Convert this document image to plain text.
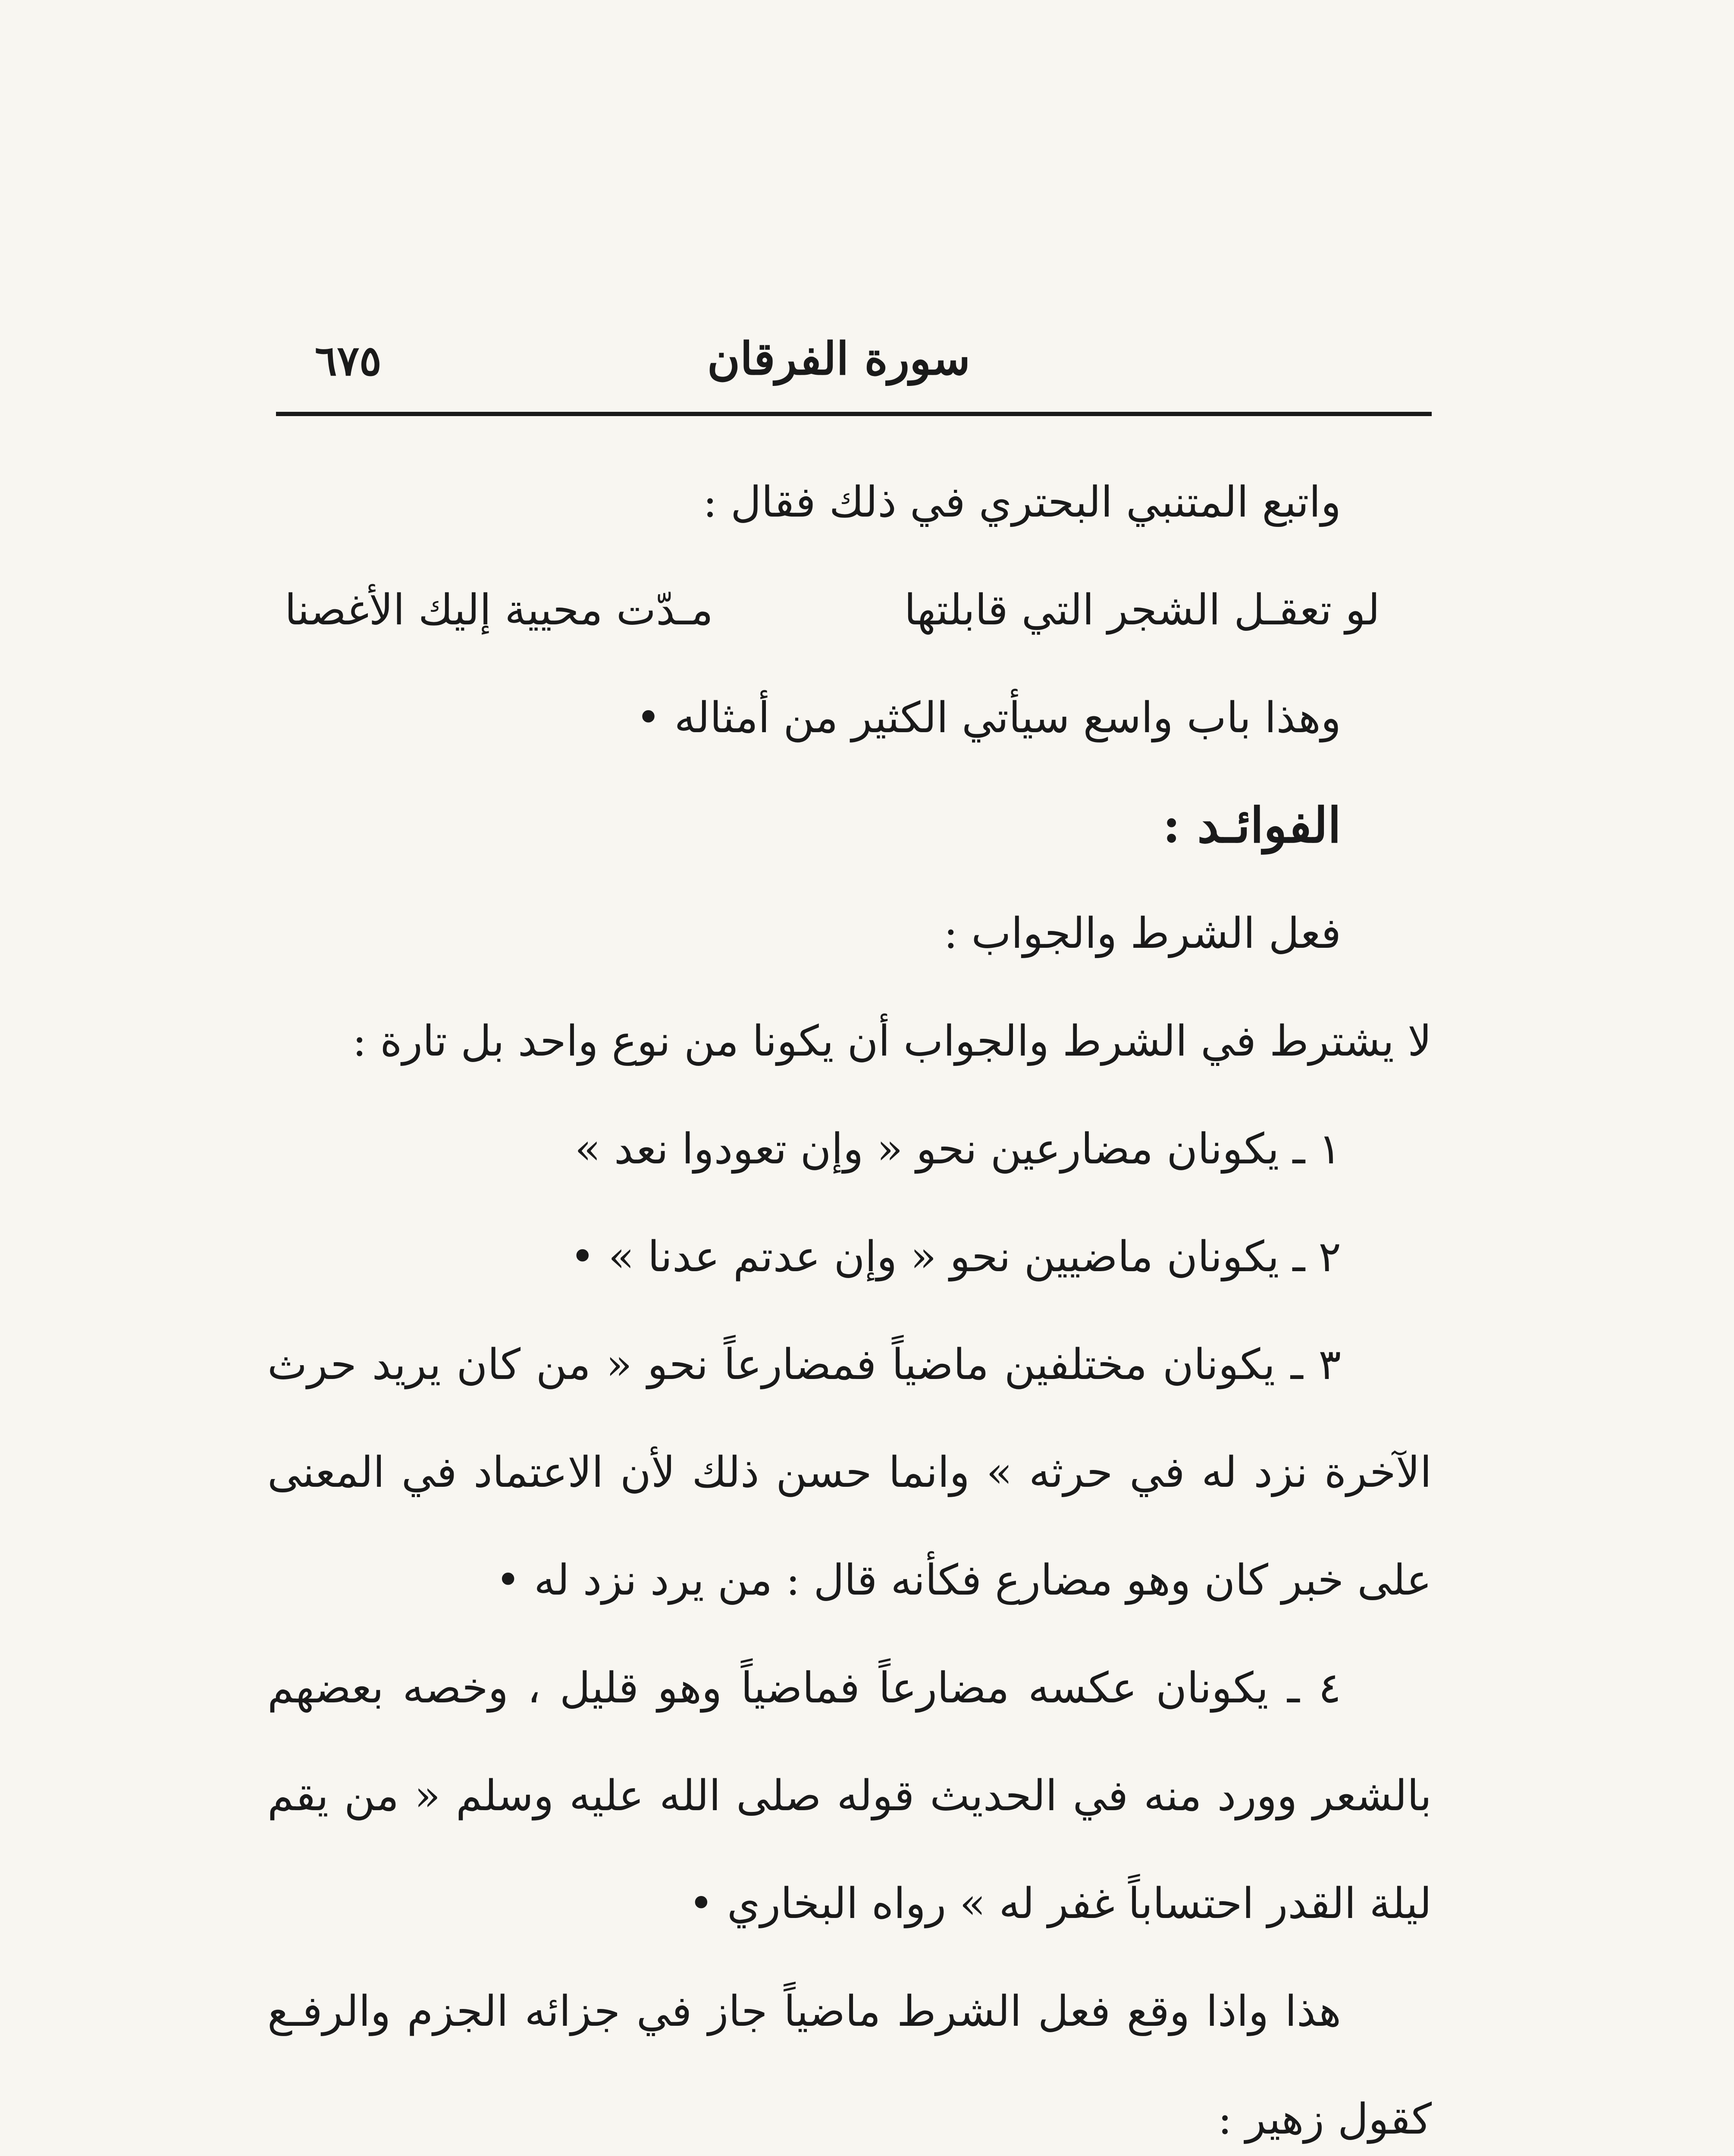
٦٧٥	سورة الفرقان

واتبع المتنبي البحتري في ذلك فقال :

لو تعقـل الشجر التي قابلتها
مـدّت محيية إليك الأغصنا

وهذا باب واسع سيأتي الكثير من أمثاله •

الفوائـد :

فعل الشرط والجواب :

لا يشترط في الشرط والجواب أن يكونا من نوع واحد بل تارة :

١ ـ يكونان مضارعين نحو « وإن تعودوا نعد »

٢ ـ يكونان ماضيين نحو « وإن عدتم عدنا » •

٣ ـ يكونان مختلفين ماضياً فمضارعاً نحو « من كان يريد حرث الآخرة نزد له في حرثه » وانما حسن ذلك لأن الاعتماد في المعنى على خبر كان وهو مضارع فكأنه قال : من يرد نزد له •

٤ ـ يكونان عكسه مضارعاً فماضياً وهو قليل ، وخصه بعضهم بالشعر وورد منه في الحديث قوله صلى الله عليه وسلم « من يقم ليلة القدر احتساباً غفر له » رواه البخاري •

هذا واذا وقع فعل الشرط ماضياً جاز في جزائه الجزم والرفـع كقول زهير :
